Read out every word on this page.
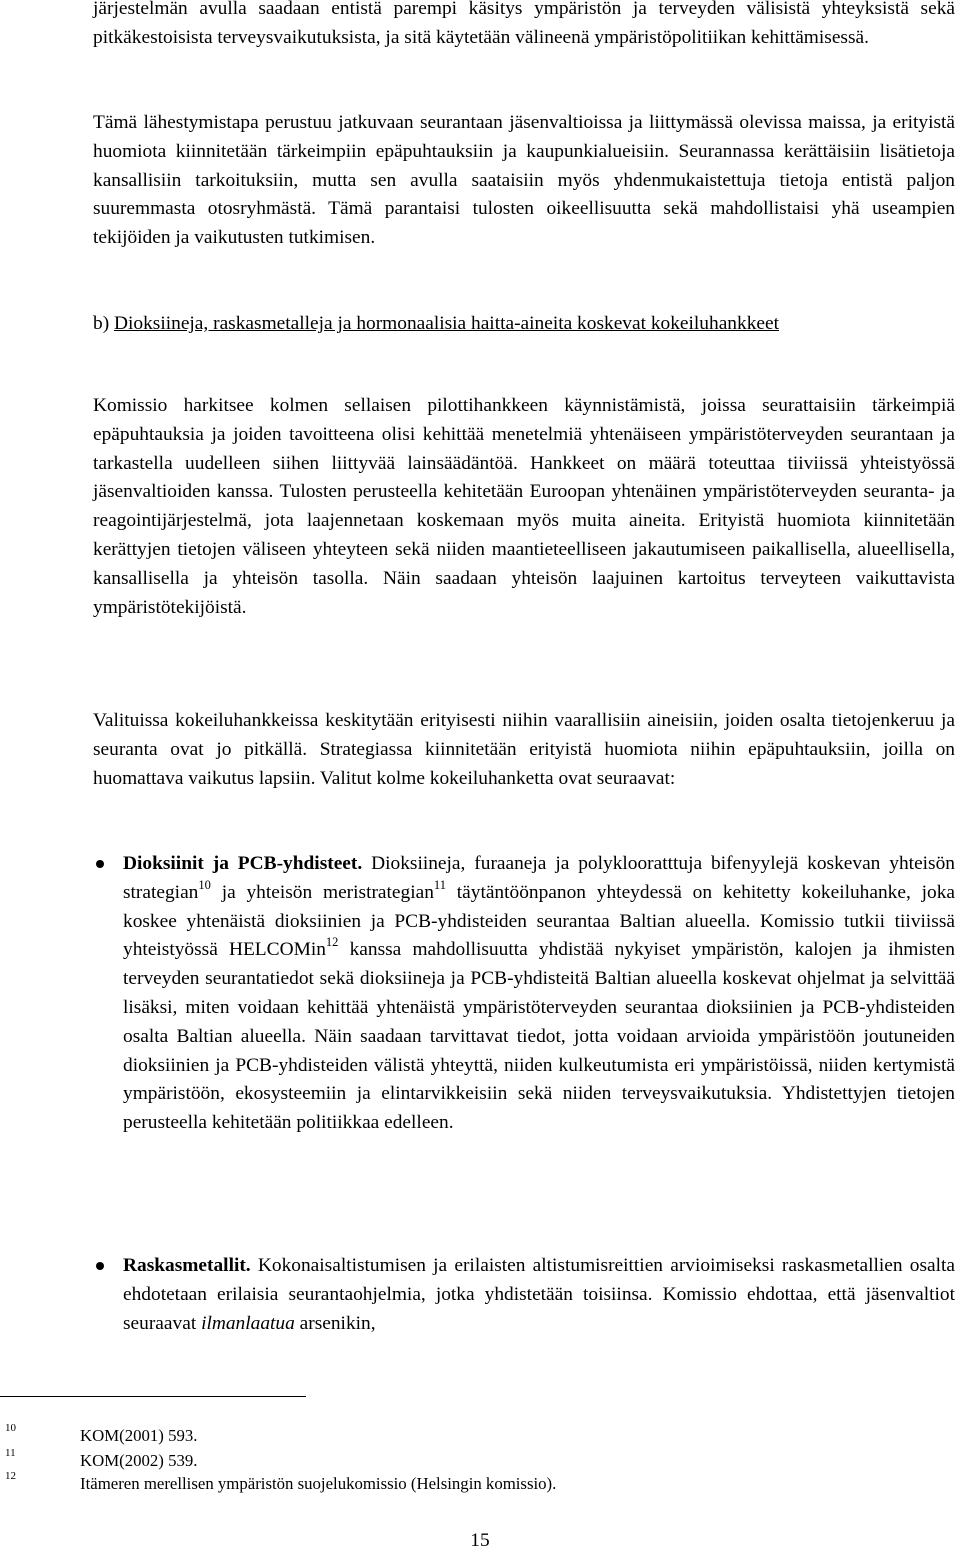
järjestelmän avulla saadaan entistä parempi käsitys ympäristön ja terveyden välisistä yhteyksistä sekä pitkäkestoisista terveysvaikutuksista, ja sitä käytetään välineenä ympäristöpolitiikan kehittämisessä.

Tämä lähestymistapa perustuu jatkuvaan seurantaan jäsenvaltioissa ja liittymässä olevissa maissa, ja erityistä huomiota kiinnitetään tärkeimpiin epäpuhtauksiin ja kaupunkialueisiin. Seurannassa kerättäisiin lisätietoja kansallisiin tarkoituksiin, mutta sen avulla saataisiin myös yhdenmukaistettuja tietoja entistä paljon suuremmasta otosryhmästä. Tämä parantaisi tulosten oikeellisuutta sekä mahdollistaisi yhä useampien tekijöiden ja vaikutusten tutkimisen.

b) Dioksiineja, raskasmetalleja ja hormonaalisia haitta-aineita koskevat kokeiluhankkeet

Komissio harkitsee kolmen sellaisen pilottihankkeen käynnistämistä, joissa seurattaisiin tärkeimpiä epäpuhtauksia ja joiden tavoitteena olisi kehittää menetelmiä yhtenäiseen ympäristöterveyden seurantaan ja tarkastella uudelleen siihen liittyvää lainsäädäntöä. Hankkeet on määrä toteuttaa tiiviissä yhteistyössä jäsenvaltioiden kanssa. Tulosten perusteella kehitetään Euroopan yhtenäinen ympäristöterveyden seuranta- ja reagointijärjestelmä, jota laajennetaan koskemaan myös muita aineita. Erityistä huomiota kiinnitetään kerättyjen tietojen väliseen yhteyteen sekä niiden maantieteelliseen jakautumiseen paikallisella, alueellisella, kansallisella ja yhteisön tasolla. Näin saadaan yhteisön laajuinen kartoitus terveyteen vaikuttavista ympäristötekijöistä.

Valituissa kokeiluhankkeissa keskitytään erityisesti niihin vaarallisiin aineisiin, joiden osalta tietojenkeruu ja seuranta ovat jo pitkällä. Strategiassa kiinnitetään erityistä huomiota niihin epäpuhtauksiin, joilla on huomattava vaikutus lapsiin. Valitut kolme kokeiluhanketta ovat seuraavat:

Dioksiinit ja PCB-yhdisteet. Dioksiineja, furaaneja ja polyklooratttuja bifenyylejä koskevan yhteisön strategian$^{10}$ ja yhteisön meristrategian$^{11}$ täytäntöönpanon yhteydessä on kehitetty kokeiluhanke, joka koskee yhtenäistä dioksiinien ja PCB-yhdisteiden seurantaa Baltian alueella. Komissio tutkii tiiviissä yhteistyössä HELCOMin$^{12}$ kanssa mahdollisuutta yhdistää nykyiset ympäristön, kalojen ja ihmisten terveyden seurantatiedot sekä dioksiineja ja PCB-yhdisteitä Baltian alueella koskevat ohjelmat ja selvittää lisäksi, miten voidaan kehittää yhtenäistä ympäristöterveyden seurantaa dioksiinien ja PCB-yhdisteiden osalta Baltian alueella. Näin saadaan tarvittavat tiedot, jotta voidaan arvioida ympäristöön joutuneiden dioksiinien ja PCB-yhdisteiden välistä yhteyttä, niiden kulkeutumista eri ympäristöissä, niiden kertymistä ympäristöön, ekosysteemiin ja elintarvikkeisiin sekä niiden terveysvaikutuksia. Yhdistettyjen tietojen perusteella kehitetään politiikkaa edelleen.

Raskasmetallit. Kokonaisaltistumisen ja erilaisten altistumisreittien arvioimiseksi raskasmetallien osalta ehdotetaan erilaisia seurantaohjelmia, jotka yhdistetään toisiinsa. Komissio ehdottaa, että jäsenvaltiot seuraavat ilmanlaatua arsenikin,

10	KOM(2001) 593.
11	KOM(2002) 539.
12	Itämeren merellisen ympäristön suojelukomissio (Helsingin komissio).
15
